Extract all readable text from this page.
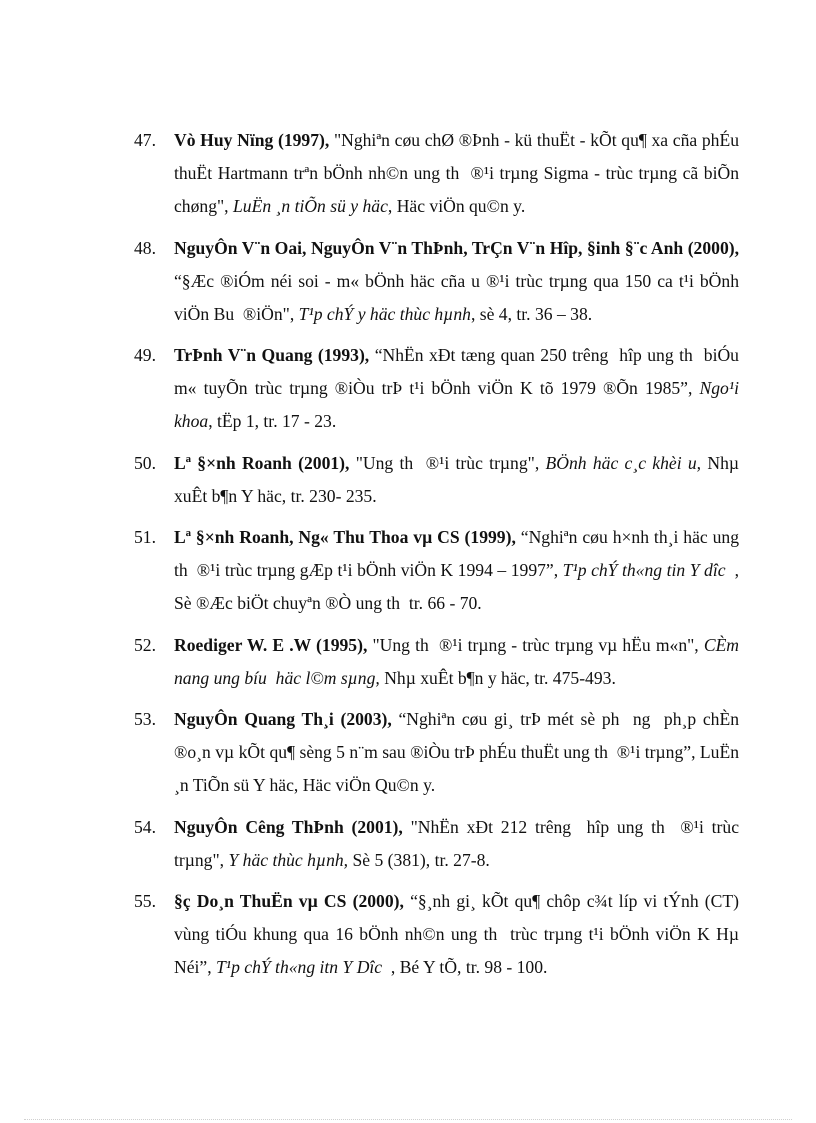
47. Vò Huy Nïng (1997), "Nghiªn cøu chØ ®Þnh - kü thuËt - kÕt qu¶ xa cña phÉu thuËt Hartmann trªn bÖnh nh©n ung th  ®¹i trµng Sigma - trùc trµng cã biÕn chøng", LuËn ¸n tiÕn sü y häc, Häc viÖn qu©n y.
48. NguyÔn V¨n Oai, NguyÔn V¨n ThÞnh, TrÇn V¨n Hîp, §inh §¨c Anh (2000), “§Æc ®iÓm néi soi - m« bÖnh häc cña u ®¹i trùc trµng qua 150 ca t¹i bÖnh viÖn Bu  ®iÖn", T¹p chÝ y häc thùc hµnh, sè 4, tr. 36 – 38.
49. TrÞnh V¨n Quang (1993), “NhËn xÐt tæng quan 250 trêng  hîp ung th  biÓu m« tuyÕn trùc trµng ®iÒu trÞ t¹i bÖnh viÖn K tõ 1979 ®Õn 1985”, Ngo¹i khoa, tËp 1, tr. 17 - 23.
50. Lª §×nh Roanh (2001), "Ung th  ®¹i trùc trµng", BÖnh häc c¸c khèi u, Nhµ xuÊt b¶n Y häc, tr. 230- 235.
51. Lª §×nh Roanh, Ng« Thu Thoa vµ CS (1999), “Nghiªn cøu h×nh th¸i häc ung th  ®¹i trùc trµng gÆp t¹i bÖnh viÖn K 1994 – 1997”, T¹p chÝ th«ng tin Y dîc  , Sè ®Æc biÖt chuyªn ®Ò ung th  tr. 66 - 70.
52. Roediger W. E .W (1995), "Ung th  ®¹i trµng - trùc trµng vµ hËu m«n", CÈm nang ung bíu  häc l©m sµng, Nhµ xuÊt b¶n y häc, tr. 475-493.
53. NguyÔn Quang Th¸i (2003), “Nghiªn cøu gi¸ trÞ mét sè ph  ng  ph¸p chÈn ®o¸n vµ kÕt qu¶ sèng 5 n¨m sau ®iÒu trÞ phÉu thuËt ung th  ®¹i trµng”, LuËn ¸n TiÕn sü Y häc, Häc viÖn Qu©n y.
54. NguyÔn Cêng ThÞnh (2001), "NhËn xÐt 212 trêng  hîp ung th  ®¹i trùc trµng", Y häc thùc hµnh, Sè 5 (381), tr. 27-8.
55. §ç Do¸n ThuËn vµ CS (2000), “§¸nh gi¸ kÕt qu¶ chôp c¾t líp vi tÝnh (CT) vùng tiÓu khung qua 16 bÖnh nh©n ung th  trùc trµng t¹i bÖnh viÖn K Hµ Néi”, T¹p chÝ th«ng itn Y Dîc  , Bé Y tÕ, tr. 98 - 100.
